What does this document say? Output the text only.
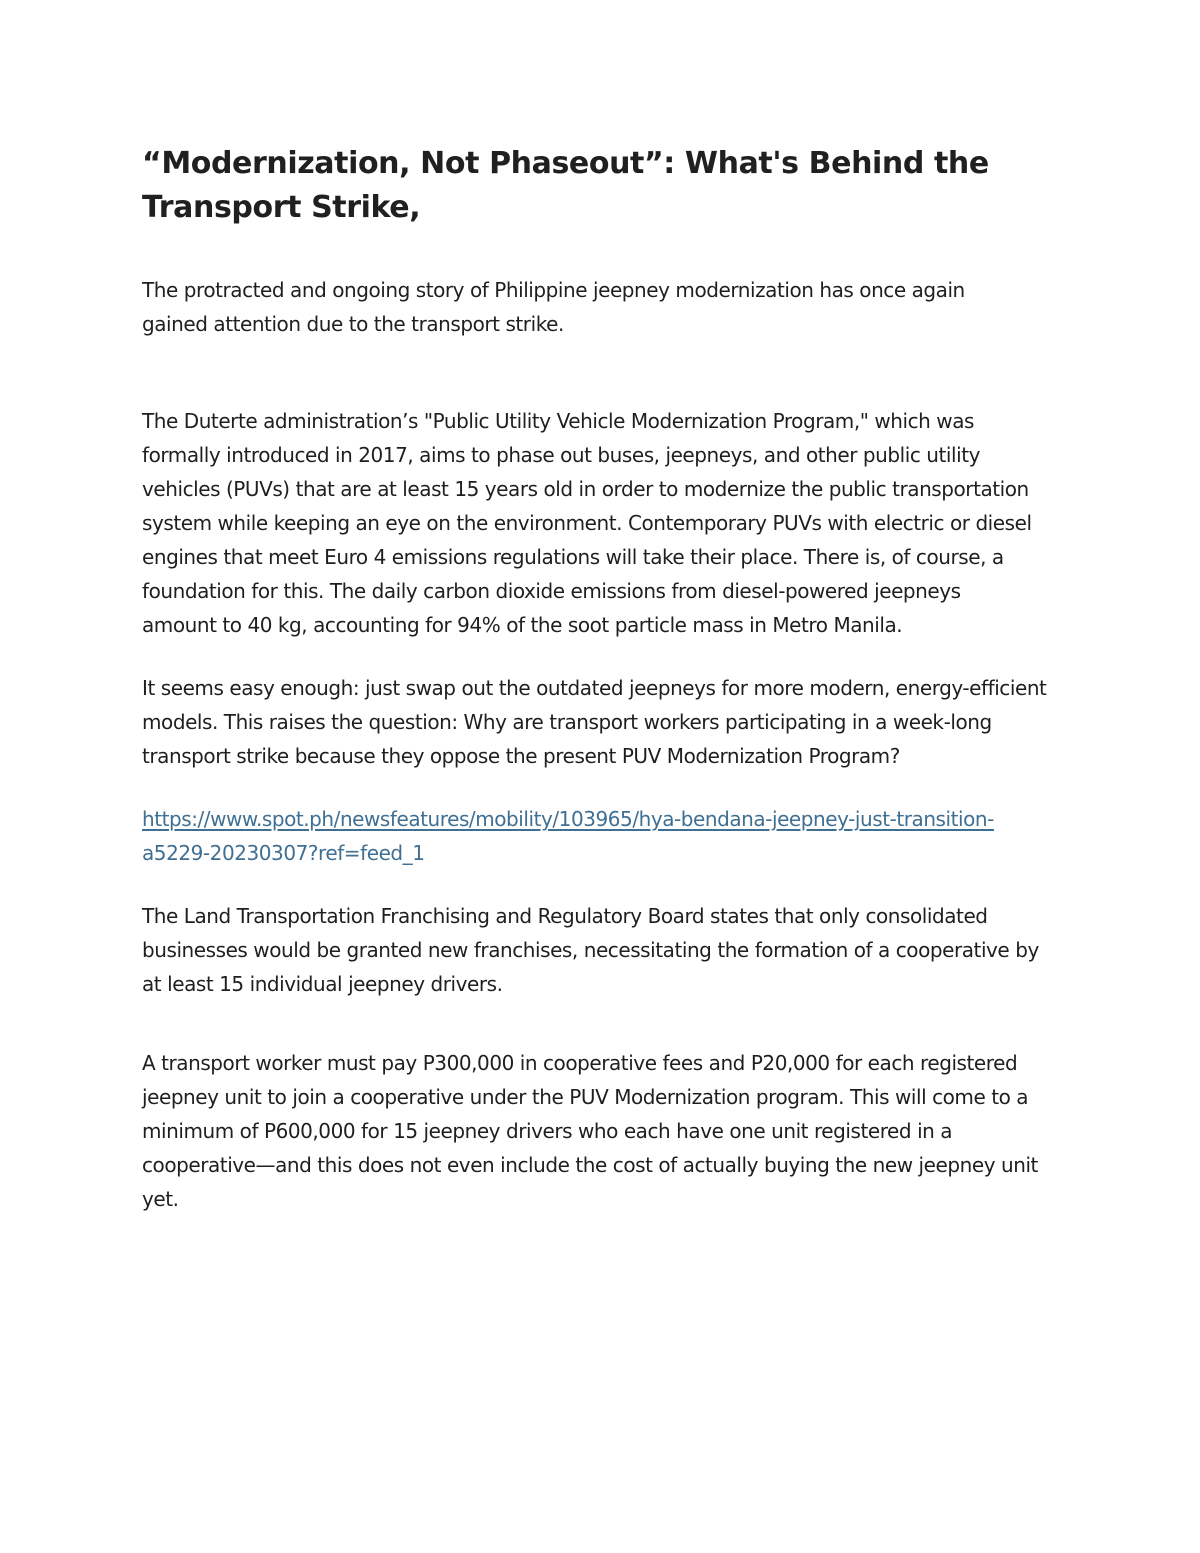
“Modernization, Not Phaseout”: What's Behind the
Transport Strike,

The protracted and ongoing story of Philippine jeepney modernization has once again
gained attention due to the transport strike.

The Duterte administration’s "Public Utility Vehicle Modernization Program," which was
formally introduced in 2017, aims to phase out buses, jeepneys, and other public utility
vehicles (PUVs) that are at least 15 years old in order to modernize the public transportation
system while keeping an eye on the environment. Contemporary PUVs with electric or diesel
engines that meet Euro 4 emissions regulations will take their place. There is, of course, a
foundation for this. The daily carbon dioxide emissions from diesel-powered jeepneys
amount to 40 kg, accounting for 94% of the soot particle mass in Metro Manila.

It seems easy enough: just swap out the outdated jeepneys for more modern, energy-efficient
models. This raises the question: Why are transport workers participating in a week-long
transport strike because they oppose the present PUV Modernization Program?

https://www.spot.ph/newsfeatures/mobility/103965/hya-bendana-jeepney-just-transition-
a5229-20230307?ref=feed_1

The Land Transportation Franchising and Regulatory Board states that only consolidated
businesses would be granted new franchises, necessitating the formation of a cooperative by
at least 15 individual jeepney drivers.

A transport worker must pay P300,000 in cooperative fees and P20,000 for each registered
jeepney unit to join a cooperative under the PUV Modernization program. This will come to a
minimum of P600,000 for 15 jeepney drivers who each have one unit registered in a
cooperative—and this does not even include the cost of actually buying the new jeepney unit
yet.
